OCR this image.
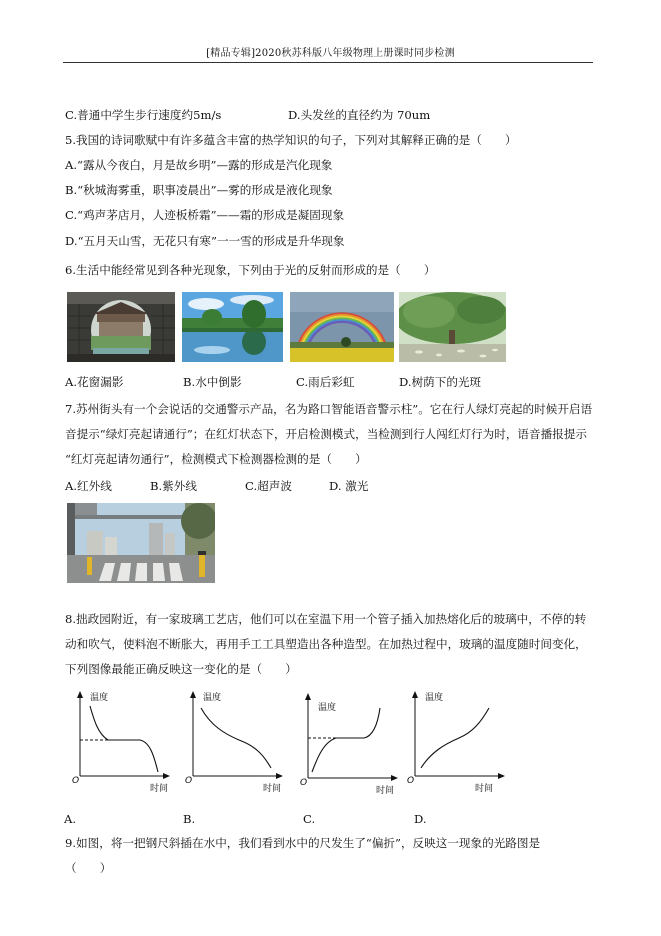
[精品专辑]2020秋苏科版八年级物理上册课时同步检测
C.普通中学生步行速度约5m/s	D.头发丝的直径约为 70um
5.我国的诗词歌赋中有许多蕴含丰富的热学知识的句子，下列对其解释正确的是（　　）
A.“露从今夜白，月是故乡明”—露的形成是汽化现象
B.“秋城海雾重，职事凌晨出”—雾的形成是液化现象
C.“鸡声茅店月，人迹板桥霜”——霜的形成是凝固现象
D.“五月天山雪，无花只有寒”一一雪的形成是升华现象
6.生活中能经常见到各种光现象，下列由于光的反射而形成的是（　　）
A.花窗漏影	B.水中倒影	C.雨后彩虹	D.树荫下的光斑
7.苏州街头有一个会说话的交通警示产品，名为路口智能语音警示柱”。它在行人绿灯亮起的时候开启语
音提示“绿灯亮起请通行”；在红灯状态下，开启检测模式，当检测到行人闯红灯行为时，语音播报提示
“红灯亮起请勿通行”，检测模式下检测器检测的是（　　）
A.红外线	B.紫外线	C.超声波	D. 激光
8.拙政园附近，有一家玻璃工艺店，他们可以在室温下用一个管子插入加热熔化后的玻璃中，不停的转
动和吹气，使料泡不断胀大，再用手工工具塑造出各种造型。在加热过程中，玻璃的温度随时间变化，
下列图像最能正确反映这一变化的是（　　）
温度
时间
O
A.
温度
时间
O
B.
温度
时间
O
C.
温度
时间
O
D.
9.如图，将一把钢尺斜插在水中，我们看到水中的尺发生了“偏折”，反映这一现象的光路图是
（　　）
